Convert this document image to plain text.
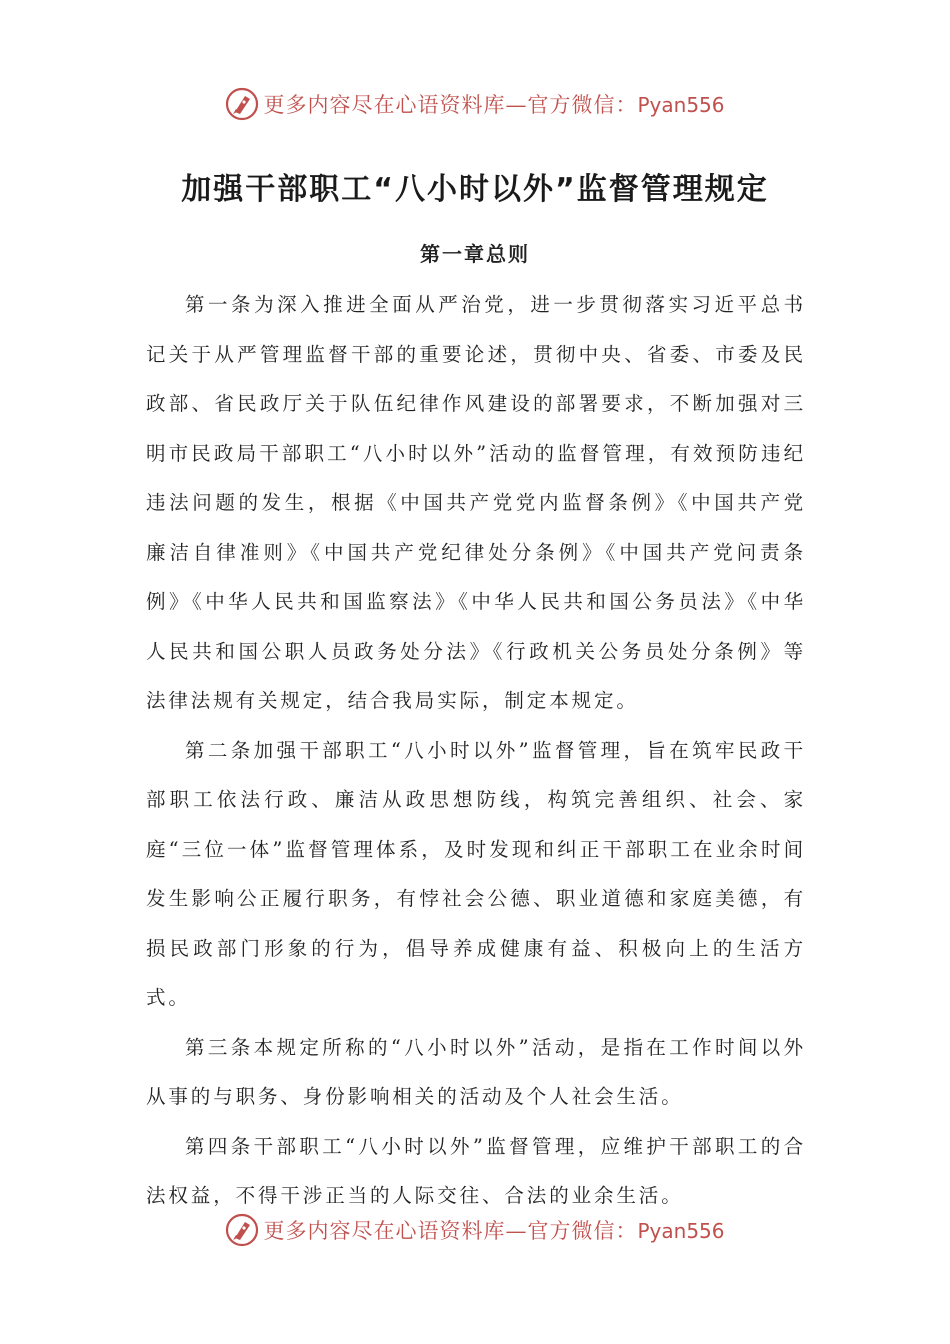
更多内容尽在心语资料库—官方微信：Pyan556
加强干部职工“八小时以外”监督管理规定
第一章总则

第一条为深入推进全面从严治党，进一步贯彻落实习近平总书记关于从严管理监督干部的重要论述，贯彻中央、省委、市委及民政部、省民政厅关于队伍纪律作风建设的部署要求，不断加强对三明市民政局干部职工“八小时以外”活动的监督管理，有效预防违纪违法问题的发生，根据《中国共产党党内监督条例》《中国共产党廉洁自律准则》《中国共产党纪律处分条例》《中国共产党问责条例》《中华人民共和国监察法》《中华人民共和国公务员法》《中华人民共和国公职人员政务处分法》《行政机关公务员处分条例》等法律法规有关规定，结合我局实际，制定本规定。

第二条加强干部职工“八小时以外”监督管理，旨在筑牢民政干部职工依法行政、廉洁从政思想防线，构筑完善组织、社会、家庭“三位一体”监督管理体系，及时发现和纠正干部职工在业余时间发生影响公正履行职务，有悖社会公德、职业道德和家庭美德，有损民政部门形象的行为，倡导养成健康有益、积极向上的生活方式。

第三条本规定所称的“八小时以外”活动，是指在工作时间以外从事的与职务、身份影响相关的活动及个人社会生活。

第四条干部职工“八小时以外”监督管理，应维护干部职工的合法权益，不得干涉正当的人际交往、合法的业余生活。

更多内容尽在心语资料库—官方微信：Pyan556
